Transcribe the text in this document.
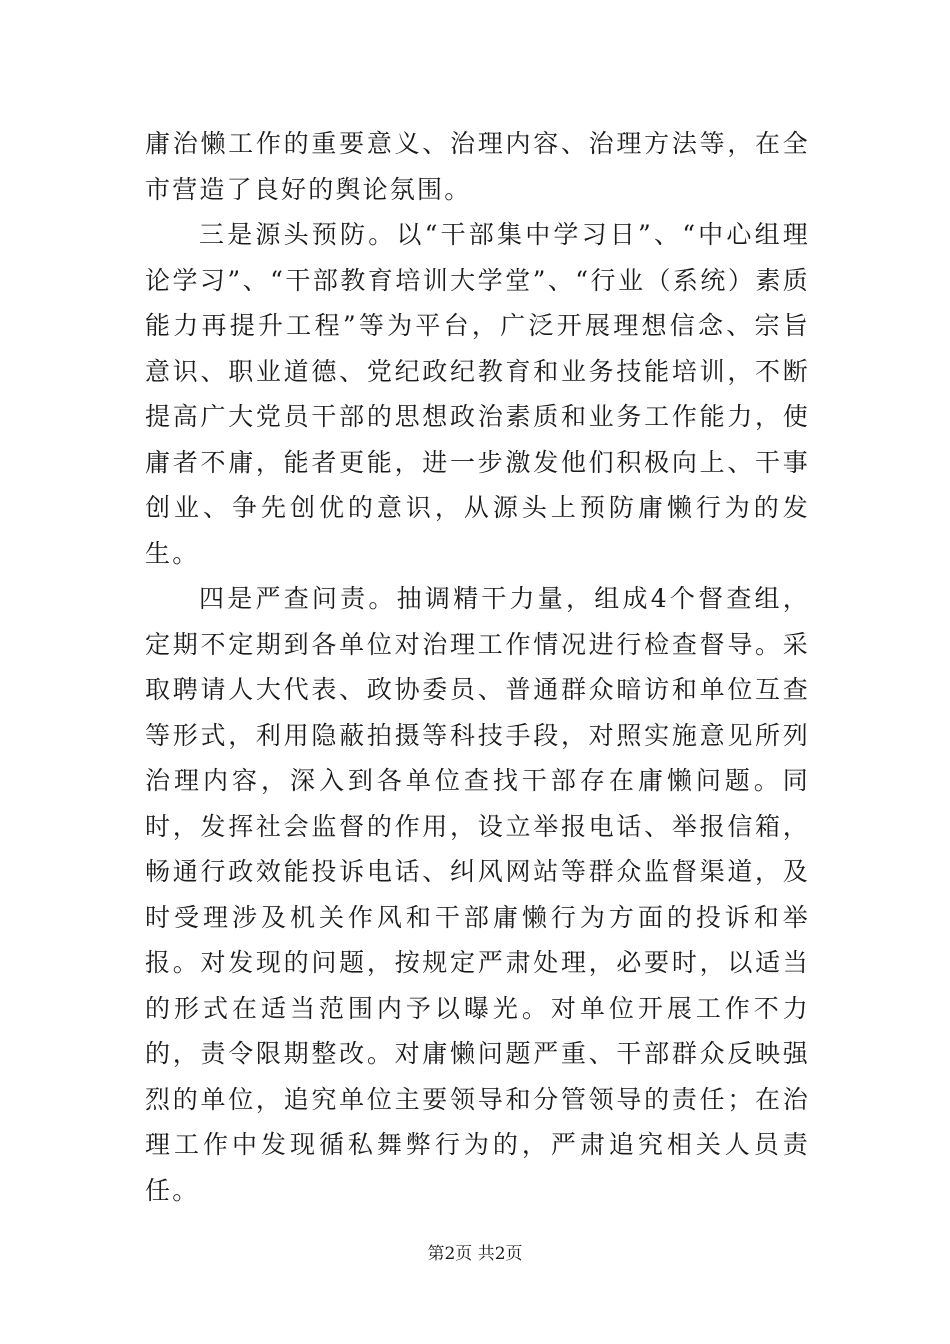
庸治懒工作的重要意义、治理内容、治理方法等，在全市营造了良好的舆论氛围。

三是源头预防。以“干部集中学习日”、“中心组理论学习”、“干部教育培训大学堂”、“行业（系统）素质能力再提升工程”等为平台，广泛开展理想信念、宗旨意识、职业道德、党纪政纪教育和业务技能培训，不断提高广大党员干部的思想政治素质和业务工作能力，使庸者不庸，能者更能，进一步激发他们积极向上、干事创业、争先创优的意识，从源头上预防庸懒行为的发生。

四是严查问责。抽调精干力量，组成4个督查组，定期不定期到各单位对治理工作情况进行检查督导。采取聘请人大代表、政协委员、普通群众暗访和单位互查等形式，利用隐蔽拍摄等科技手段，对照实施意见所列治理内容，深入到各单位查找干部存在庸懒问题。同时，发挥社会监督的作用，设立举报电话、举报信箱，畅通行政效能投诉电话、纠风网站等群众监督渠道，及时受理涉及机关作风和干部庸懒行为方面的投诉和举报。对发现的问题，按规定严肃处理，必要时，以适当的形式在适当范围内予以曝光。对单位开展工作不力的，责令限期整改。对庸懒问题严重、干部群众反映强烈的单位，追究单位主要领导和分管领导的责任；在治理工作中发现循私舞弊行为的，严肃追究相关人员责任。

第2页 共2页
